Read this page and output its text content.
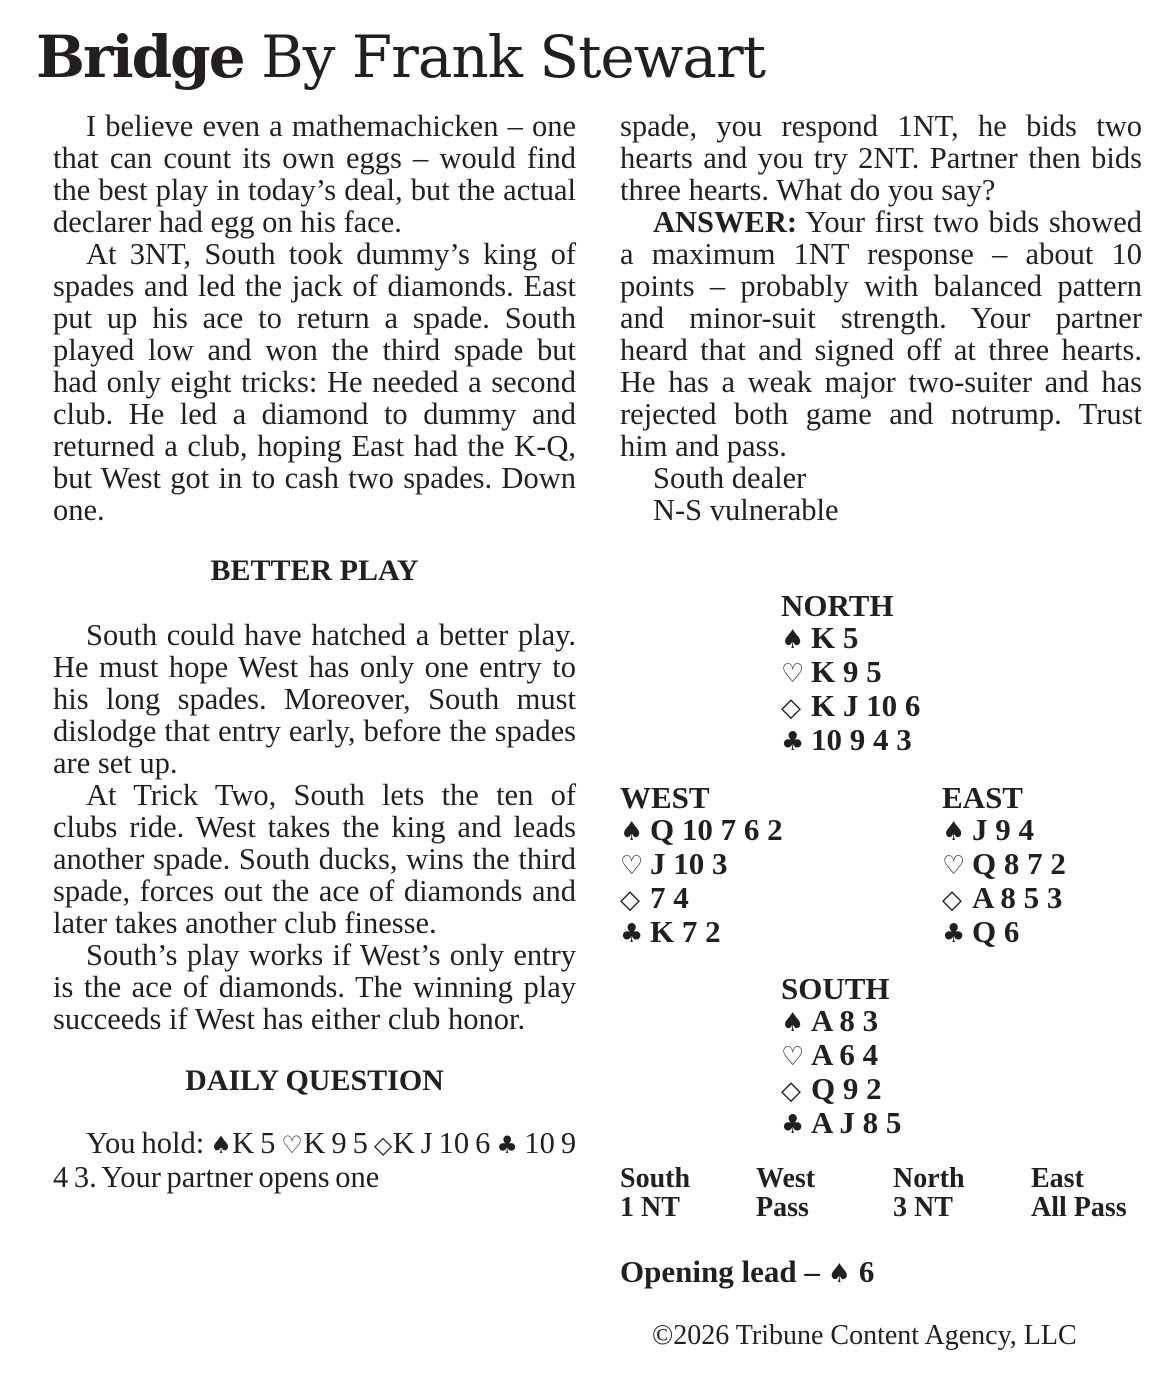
Bridge By Frank Stewart

I believe even a mathemachicken – one that can count its own eggs – would find the best play in today’s deal, but the actual declarer had egg on his face.

At 3NT, South took dummy’s king of spades and led the jack of diamonds. East put up his ace to return a spade. South played low and won the third spade but had only eight tricks: He needed a second club. He led a diamond to dummy and returned a club, hoping East had the K-Q, but West got in to cash two spades. Down one.

BETTER PLAY

South could have hatched a better play. He must hope West has only one entry to his long spades. Moreover, South must dislodge that entry early, before the spades are set up.

At Trick Two, South lets the ten of clubs ride. West takes the king and leads another spade. South ducks, wins the third spade, forces out the ace of diamonds and later takes another club finesse.

South’s play works if West’s only entry is the ace of diamonds. The winning play succeeds if West has either club honor.

DAILY QUESTION

You hold: ♠K 5 ♡K 9 5 ◇K J 10 6 ♣ 10 9 4 3. Your partner opens one

spade, you respond 1NT, he bids two hearts and you try 2NT. Partner then bids three hearts. What do you say?

ANSWER: Your first two bids showed a maximum 1NT response – about 10 points – probably with balanced pattern and minor-suit strength. Your partner heard that and signed off at three hearts. He has a weak major two-suiter and has rejected both game and notrump. Trust him and pass.

South dealer

N-S vulnerable

NORTH
♠ K 5
♡ K 9 5
◇ K J 10 6
♣ 10 9 4 3
WEST
♠ Q 10 7 6 2
♡ J 10 3
◇ 7 4
♣ K 7 2
EAST
♠ J 9 4
♡ Q 8 7 2
◇ A 8 5 3
♣ Q 6
SOUTH
♠ A 8 3
♡ A 6 4
◇ Q 9 2
♣ A J 8 5
South
1 NT
West
Pass
North
3 NT
East
All Pass
Opening lead – ♠ 6
©2026 Tribune Content Agency, LLC
